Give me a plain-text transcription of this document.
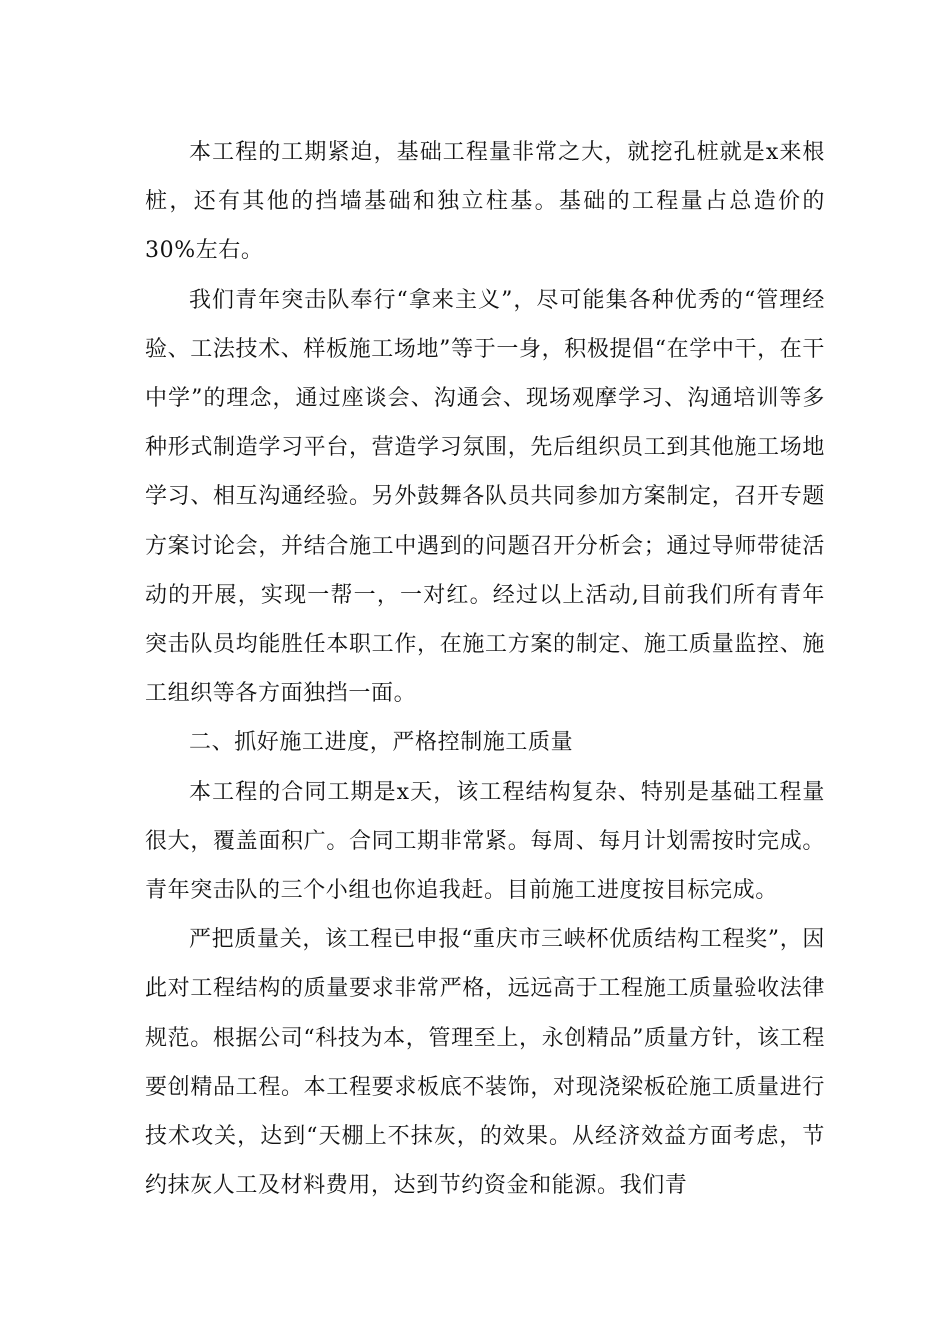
本工程的工期紧迫，基础工程量非常之大，就挖孔桩就是x来根桩，还有其他的挡墙基础和独立柱基。基础的工程量占总造价的30%左右。

我们青年突击队奉行“拿来主义”，尽可能集各种优秀的“管理经验、工法技术、样板施工场地”等于一身，积极提倡“在学中干，在干中学”的理念，通过座谈会、沟通会、现场观摩学习、沟通培训等多种形式制造学习平台，营造学习氛围，先后组织员工到其他施工场地学习、相互沟通经验。另外鼓舞各队员共同参加方案制定，召开专题方案讨论会，并结合施工中遇到的问题召开分析会；通过导师带徒活动的开展，实现一帮一，一对红。经过以上活动,目前我们所有青年突击队员均能胜任本职工作，在施工方案的制定、施工质量监控、施工组织等各方面独挡一面。

二、抓好施工进度，严格控制施工质量

本工程的合同工期是x天，该工程结构复杂、特别是基础工程量很大，覆盖面积广。合同工期非常紧。每周、每月计划需按时完成。青年突击队的三个小组也你追我赶。目前施工进度按目标完成。

严把质量关，该工程已申报“重庆市三峡杯优质结构工程奖”，因此对工程结构的质量要求非常严格，远远高于工程施工质量验收法律规范。根据公司“科技为本，管理至上，永创精品”质量方针，该工程要创精品工程。本工程要求板底不装饰，对现浇梁板砼施工质量进行技术攻关，达到“天棚上不抹灰，的效果。从经济效益方面考虑，节约抹灰人工及材料费用，达到节约资金和能源。我们青
